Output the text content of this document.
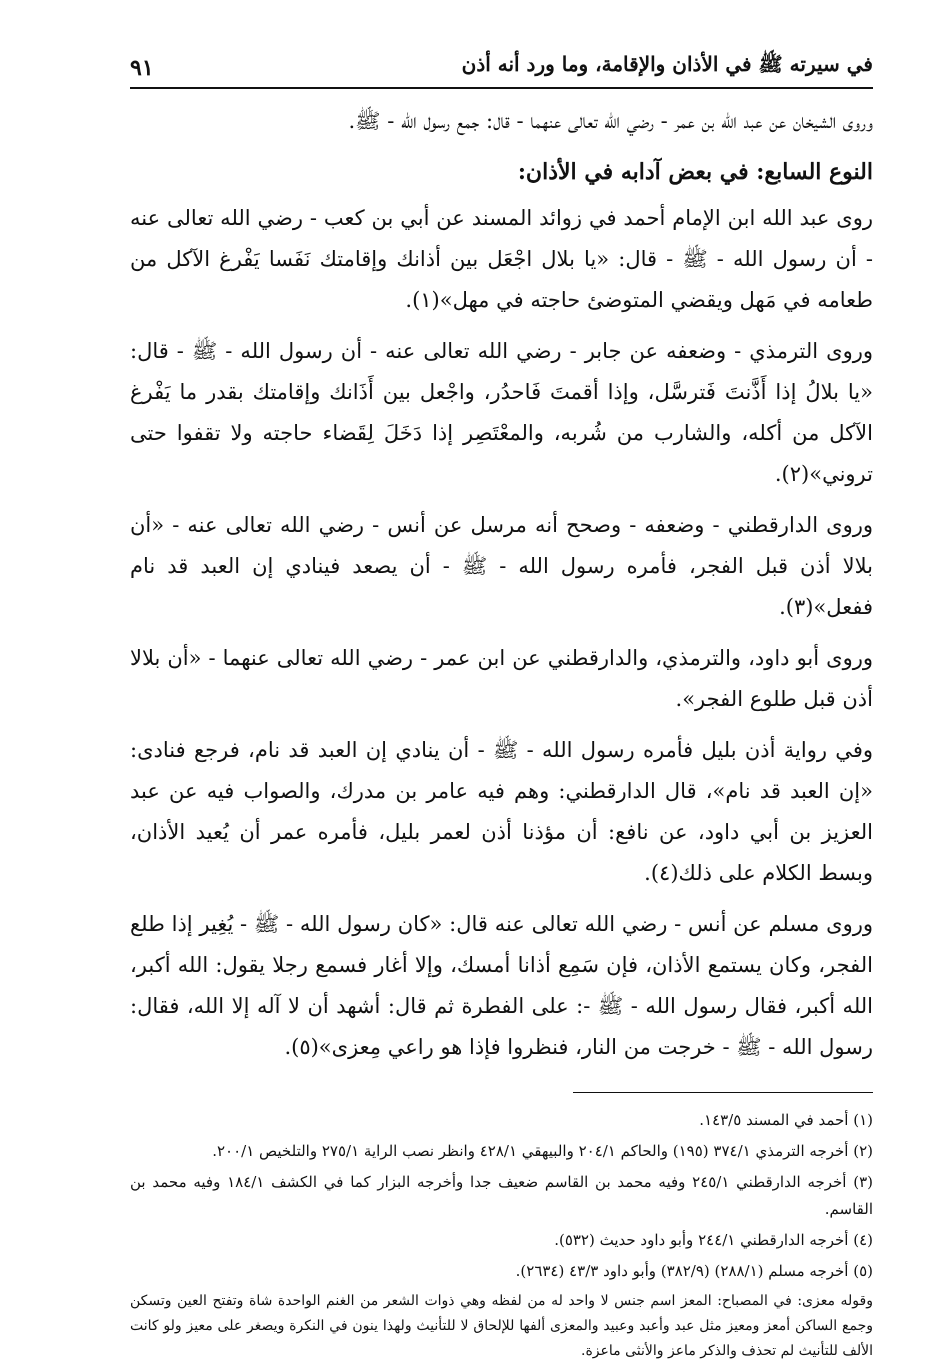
في سيرته ﷺ في الأذان والإقامة، وما ورد أنه أذن
٩١

وروى الشيخان عن عبد الله بن عمر - رضي الله تعالى عنهما - قال: جمع رسول الله - ﷺ.

النوع السابع: في بعض آدابه في الأذان:

روى عبد الله ابن الإمام أحمد في زوائد المسند عن أبي بن كعب - رضي الله تعالى عنه - أن رسول الله - ﷺ - قال: «يا بلال اجْعَل بين أذانك وإقامتك نَفَسا يَفْرغ الآكل من طعامه في مَهل ويقضي المتوضئ حاجته في مهل»(١).

وروى الترمذي - وضعفه عن جابر - رضي الله تعالى عنه - أن رسول الله - ﷺ - قال: «يا بلالُ إذا أَذَّنتَ فَترسَّل، وإذا أقمتَ فَاحدُر، واجْعل بين أَذَانك وإقامتك بقدر ما يَفْرغ الآكل من أكله، والشارب من شُربه، والمعْتَصِر إذا دَخَلَ لِقَضاء حاجته ولا تقفوا حتى تروني»(٢).

وروى الدارقطني - وضعفه - وصحح أنه مرسل عن أنس - رضي الله تعالى عنه - «أن بلالا أذن قبل الفجر، فأمره رسول الله - ﷺ - أن يصعد فينادي إن العبد قد نام ففعل»(٣).

وروى أبو داود، والترمذي، والدارقطني عن ابن عمر - رضي الله تعالى عنهما - «أن بلالا أذن قبل طلوع الفجر».

وفي رواية أذن بليل فأمره رسول الله - ﷺ - أن ينادي إن العبد قد نام، فرجع فنادى: «إن العبد قد نام»، قال الدارقطني: وهم فيه عامر بن مدرك، والصواب فيه عن عبد العزيز بن أبي داود، عن نافع: أن مؤذنا أذن لعمر بليل، فأمره عمر أن يُعيد الأذان، وبسط الكلام على ذلك(٤).

وروى مسلم عن أنس - رضي الله تعالى عنه قال: «كان رسول الله - ﷺ - يُغِير إذا طلع الفجر، وكان يستمع الأذان، فإن سَمِع أذانا أمسك، وإلا أغار فسمع رجلا يقول: الله أكبر، الله أكبر، فقال رسول الله - ﷺ -: على الفطرة ثم قال: أشهد أن لا آله إلا الله، فقال: رسول الله - ﷺ - خرجت من النار، فنظروا فإذا هو راعي مِعزى»(٥).

(١) أحمد في المسند ١٤٣/٥.

(٢) أخرجه الترمذي ٣٧٤/١ (١٩٥) والحاكم ٢٠٤/١ والبيهقي ٤٢٨/١ وانظر نصب الراية ٢٧٥/١ والتلخيص ٢٠٠/١.

(٣) أخرجه الدارقطني ٢٤٥/١ وفيه محمد بن القاسم ضعيف جدا وأخرجه البزار كما في الكشف ١٨٤/١ وفيه محمد بن القاسم.

(٤) أخرجه الدارقطني ٢٤٤/١ وأبو داود حديث (٥٣٢).

(٥) أخرجه مسلم (٢٨٨/١) (٣٨٢/٩) وأبو داود ٤٣/٣ (٢٦٣٤).

وقوله معزى: في المصباح: المعز اسم جنس لا واحد له من لفظه وهي ذوات الشعر من الغنم الواحدة شاة وتفتح العين وتسكن وجمع الساكن أمعز ومعيز مثل عبد وأعبد وعبيد والمعزى ألفها للإلحاق لا للتأنيث ولهذا ينون في النكرة ويصغر على معيز ولو كانت الألف للتأنيث لم تحذف والذكر ماعز والأنثى ماعزة.
